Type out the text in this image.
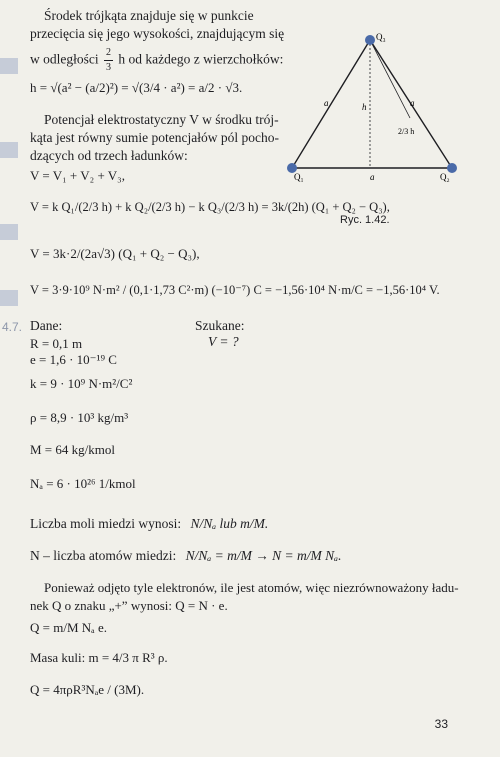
Środek trójkąta znajduje się w punkcie
przecięcia się jego wysokości, znajdującym się
w odległości $\frac{2}{3}$ h od każdego z wierzchołków:
h = √(a² − (a/2)²) = √(3/4 · a²) = a/2 · √3.
Potencjał elektrostatyczny V w środku trój-
kąta jest równy sumie potencjałów pól pocho-
dzących od trzech ładunków:
V = V₁ + V₂ + V₃,
V = k Q₁/(2/3 h) + k Q₂/(2/3 h) − k Q₃/(2/3 h) = 3k/(2h) (Q₁ + Q₂ − Q₃),
V = 3k·2/(2a√3) (Q₁ + Q₂ − Q₃),
V = 3·9·10⁹ N·m² / (0,1·1,73 C²·m) (−10⁻⁷) C = −1,56·10⁴ N·m/C = −1,56·10⁴ V.
Q₃
Q₁	Q₂
a	a
a
h
2/3 h
Ryc. 1.42.
4.7. Dane:	Szukane:
V = ?
R = 0,1 m
e = 1,6 · 10⁻¹⁹ C
k = 9 · 10⁹ N·m²/C²
ρ = 8,9 · 10³ kg/m³
M = 64 kg/kmol
Nₐ = 6 · 10²⁶ 1/kmol
Liczba moli miedzi wynosi: N/Nₐ lub m/M.
N – liczba atomów miedzi: N/Nₐ = m/M → N = m/M Nₐ.
Ponieważ odjęto tyle elektronów, ile jest atomów, więc niezrównoważony ładu-
nek Q o znaku „+” wynosi: Q = N · e.
Q = m/M Nₐ e.
Masa kuli: m = 4/3 π R³ ρ.
Q = 4πρR³Nₐe / (3M).
33
